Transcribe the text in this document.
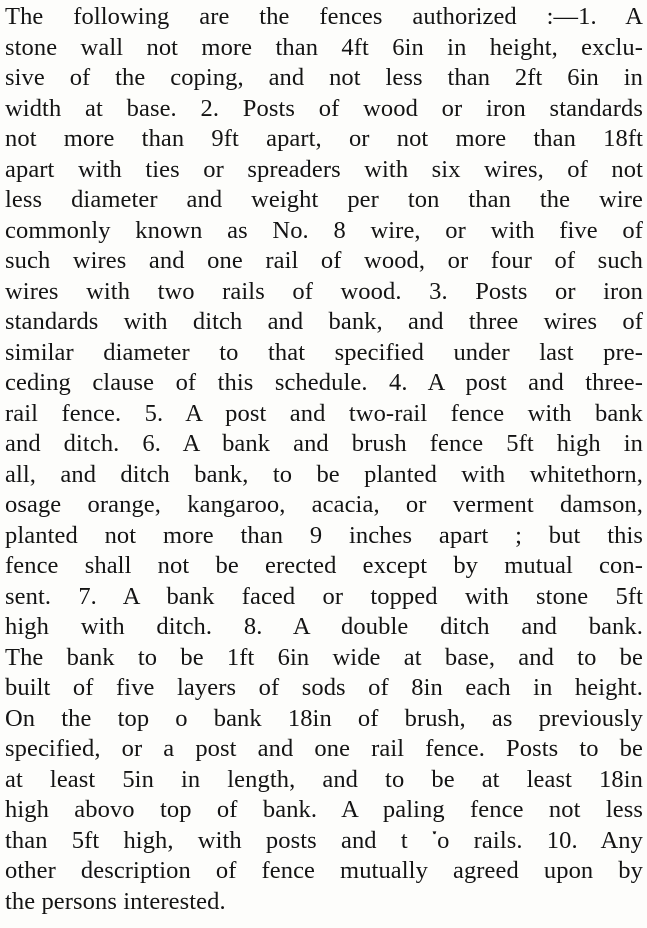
The following are the fences authorized :—1. A
stone wall not more than 4ft 6in in height, exclu-
sive of the coping, and not less than 2ft 6in in
width at base. 2. Posts of wood or iron standards
not more than 9ft apart, or not more than 18ft
apart with ties or spreaders with six wires, of not
less diameter and weight per ton than the wire
commonly known as No. 8 wire, or with five of
such wires and one rail of wood, or four of such
wires with two rails of wood. 3. Posts or iron
standards with ditch and bank, and three wires of
similar diameter to that specified under last pre-
ceding clause of this schedule. 4. A post and three-
rail fence. 5. A post and two-rail fence with bank
and ditch. 6. A bank and brush fence 5ft high in
all, and ditch bank, to be planted with whitethorn,
osage orange, kangaroo, acacia, or verment damson,
planted not more than 9 inches apart ; but this
fence shall not be erected except by mutual con-
sent. 7. A bank faced or topped with stone 5ft
high with ditch. 8. A double ditch and bank.
The bank to be 1ft 6in wide at base, and to be
built of five layers of sods of 8in each in height.
On the top o bank 18in of brush, as previously
specified, or a post and one rail fence. Posts to be
at least 5in in length, and to be at least 18in
high abovo top of bank. A paling fence not less
than 5ft high, with posts and t ་o rails. 10. Any
other description of fence mutually agreed upon by
the persons interested.
